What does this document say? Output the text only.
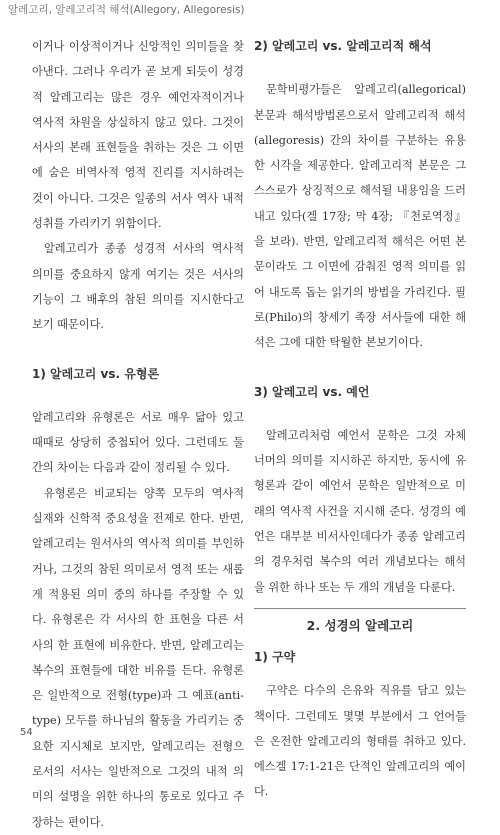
알레고리, 알레고리적 해석(Allegory, Allegoresis)

이거나 이상적이거나 신앙적인 의미들을 찾아낸다. 그러나 우리가 곧 보게 되듯이 성경적 알레고리는 많은 경우 예언자적이거나 역사적 차원을 상실하지 않고 있다. 그것이 서사의 본래 표현들을 취하는 것은 그 이면에 숨은 비역사적 영적 진리를 지시하려는 것이 아니다. 그것은 일종의 서사 역사 내적 성취를 가리키기 위함이다.

알레고리가 종종 성경적 서사의 역사적 의미를 중요하지 않게 여기는 것은 서사의 기능이 그 배후의 참된 의미를 지시한다고 보기 때문이다.

1) 알레고리 vs. 유형론

알레고리와 유형론은 서로 매우 닮아 있고 때때로 상당히 중첩되어 있다. 그런데도 둘 간의 차이는 다음과 같이 정리될 수 있다.

유형론은 비교되는 양쪽 모두의 역사적 실재와 신학적 중요성을 전제로 한다. 반면, 알레고리는 원서사의 역사적 의미를 부인하거나, 그것의 참된 의미로서 영적 또는 새롭게 적용된 의미 중의 하나를 주장할 수 있다. 유형론은 각 서사의 한 표현을 다른 서사의 한 표현에 비유한다. 반면, 알레고리는 복수의 표현들에 대한 비유를 든다. 유형론은 일반적으로 전형(type)과 그 예표(anti-type) 모두를 하나님의 활동을 가리키는 중요한 지시체로 보지만, 알레고리는 전형으로서의 서사는 일반적으로 그것의 내적 의미의 설명을 위한 하나의 통로로 있다고 주장하는 편이다.

2) 알레고리 vs. 알레고리적 해석

문학비평가들은 알레고리(allegorical) 본문과 해석방법론으로서 알레고리적 해석(allegoresis) 간의 차이를 구분하는 유용한 시각을 제공한다. 알레고리적 본문은 그 스스로가 상징적으로 해석될 내용임을 드러내고 있다(겔 17장; 막 4장; 『천로역정』을 보라). 반면, 알레고리적 해석은 어떤 본문이라도 그 이면에 감춰진 영적 의미를 읽어 내도록 돕는 읽기의 방법을 가리킨다. 필로(Philo)의 창세기 족장 서사들에 대한 해석은 그에 대한 탁월한 본보기이다.

3) 알레고리 vs. 예언

알레고리처럼 예언서 문학은 그것 자체 너머의 의미를 지시하곤 하지만, 동시에 유형론과 같이 예언서 문학은 일반적으로 미래의 역사적 사건을 지시해 준다. 성경의 예언은 대부분 비서사인데다가 종종 알레고리의 경우처럼 복수의 여러 개념보다는 해석을 위한 하나 또는 두 개의 개념을 다룬다.

2. 성경의 알레고리
1) 구약

구약은 다수의 은유와 직유를 담고 있는 책이다. 그런데도 몇몇 부분에서 그 언어들은 온전한 알레고리의 형태를 취하고 있다. 에스겔 17:1-21은 단적인 알레고리의 예이다.

54
